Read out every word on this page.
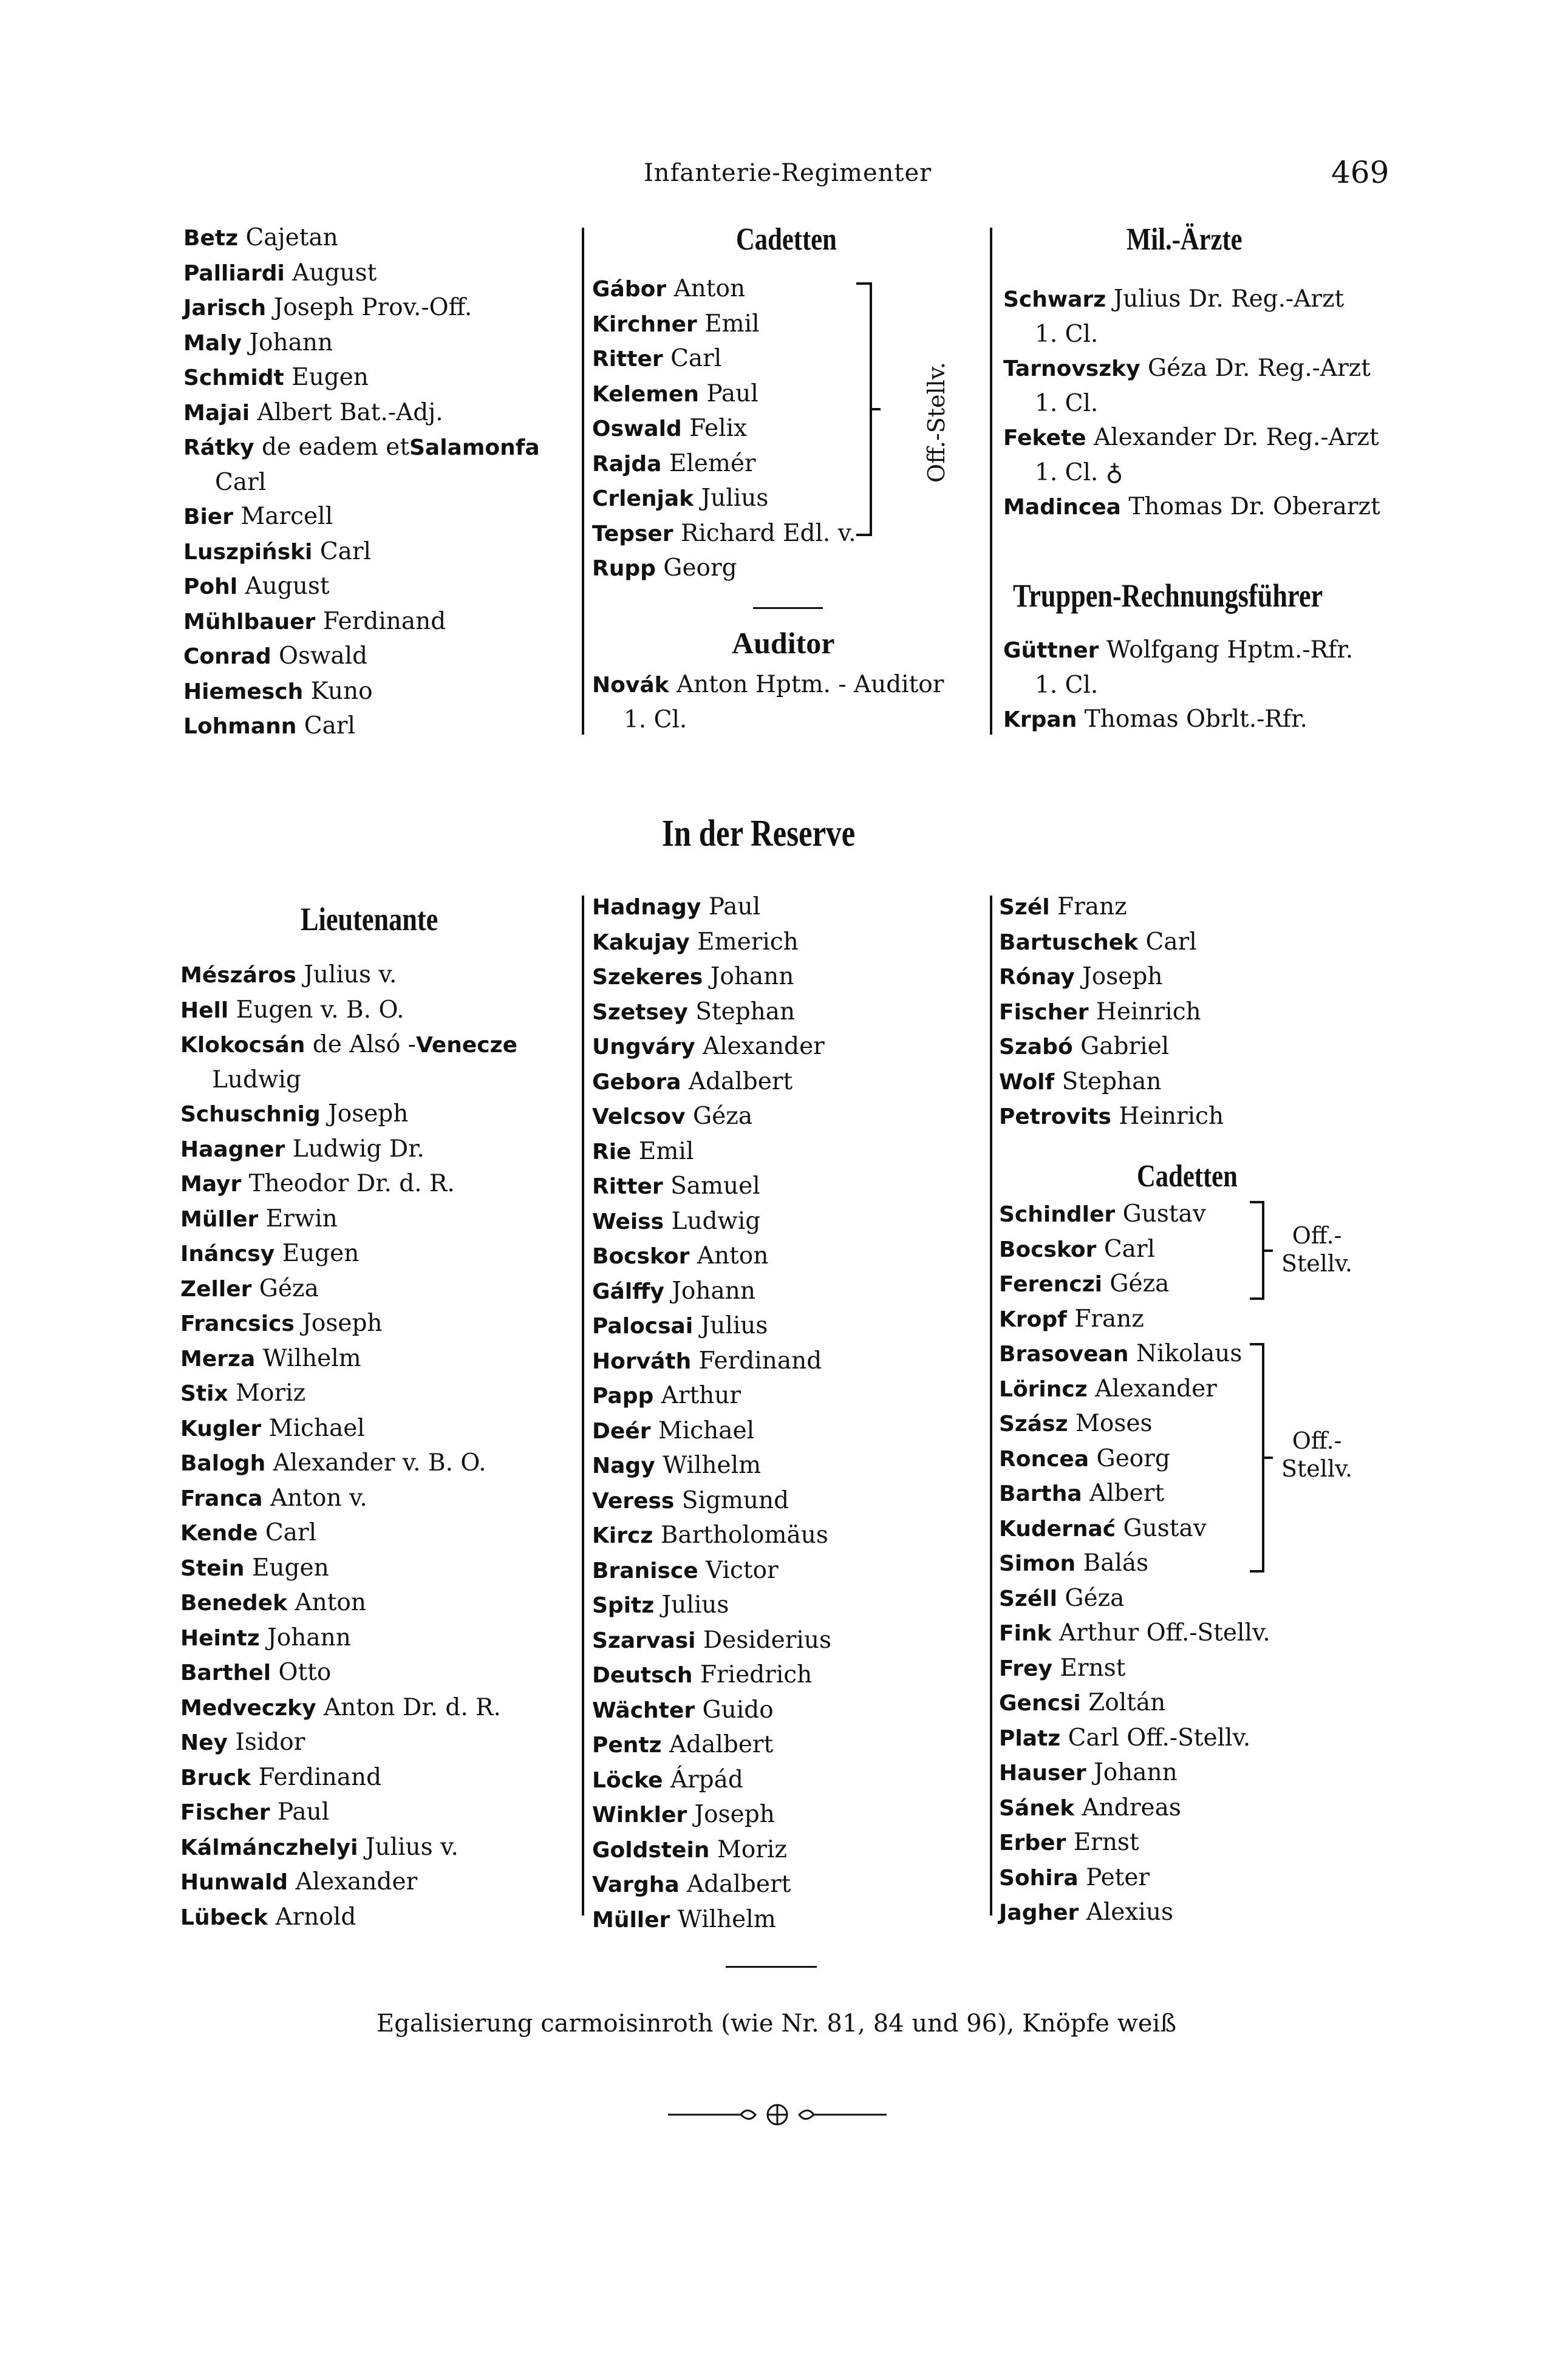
Infanterie-Regimenter	469
Betz Cajetan
Palliardi August
Jarisch Joseph Prov.-Off.
Maly Johann
Schmidt Eugen
Majai Albert Bat.-Adj.
Rátky de eadem etSalamonfa
Carl
Bier Marcell
Luszpiński Carl
Pohl August
Mühlbauer Ferdinand
Conrad Oswald
Hiemesch Kuno
Lohmann Carl
Cadetten
Gábor Anton
Kirchner Emil
Ritter Carl
Kelemen Paul
Oswald Felix
Rajda Elemér
Crlenjak Julius
Tepser Richard Edl. v.
Rupp Georg
Off.-Stellv.
Auditor
Novák Anton Hptm. - Auditor
1. Cl.
Mil.-Ärzte
Schwarz Julius Dr. Reg.-Arzt
1. Cl.
Tarnovszky Géza Dr. Reg.-Arzt
1. Cl.
Fekete Alexander Dr. Reg.-Arzt
1. Cl. ♁
Madincea Thomas Dr. Oberarzt
Truppen-Rechnungsführer
Güttner Wolfgang Hptm.-Rfr.
1. Cl.
Krpan Thomas Obrlt.-Rfr.
In der Reserve
Lieutenante
Mészáros Julius v.
Hell Eugen v. B. O.
Klokocsán de Alsó -Venecze
Ludwig
Schuschnig Joseph
Haagner Ludwig Dr.
Mayr Theodor Dr. d. R.
Müller Erwin
Ináncsy Eugen
Zeller Géza
Francsics Joseph
Merza Wilhelm
Stix Moriz
Kugler Michael
Balogh Alexander v. B. O.
Franca Anton v.
Kende Carl
Stein Eugen
Benedek Anton
Heintz Johann
Barthel Otto
Medveczky Anton Dr. d. R.
Ney Isidor
Bruck Ferdinand
Fischer Paul
Kálmánczhelyi Julius v.
Hunwald Alexander
Lübeck Arnold
Hadnagy Paul
Kakujay Emerich
Szekeres Johann
Szetsey Stephan
Ungváry Alexander
Gebora Adalbert
Velcsov Géza
Rie Emil
Ritter Samuel
Weiss Ludwig
Bocskor Anton
Gálffy Johann
Palocsai Julius
Horváth Ferdinand
Papp Arthur
Deér Michael
Nagy Wilhelm
Veress Sigmund
Kircz Bartholomäus
Branisce Victor
Spitz Julius
Szarvasi Desiderius
Deutsch Friedrich
Wächter Guido
Pentz Adalbert
Löcke Árpád
Winkler Joseph
Goldstein Moriz
Vargha Adalbert
Müller Wilhelm
Szél Franz
Bartuschek Carl
Rónay Joseph
Fischer Heinrich
Szabó Gabriel
Wolf Stephan
Petrovits Heinrich
Cadetten
Schindler Gustav
Bocskor Carl
Ferenczi Géza
Kropf Franz
Brasovean Nikolaus
Lörincz Alexander
Szász Moses
Roncea Georg
Bartha Albert
Kudernać Gustav
Simon Balás
Széll Géza
Fink Arthur Off.-Stellv.
Frey Ernst
Gencsi Zoltán
Platz Carl Off.-Stellv.
Hauser Johann
Sánek Andreas
Erber Ernst
Sohira Peter
Jagher Alexius
Off.-
Stellv.
Off.-
Stellv.
Egalisierung carmoisinroth (wie Nr. 81, 84 und 96), Knöpfe weiß
